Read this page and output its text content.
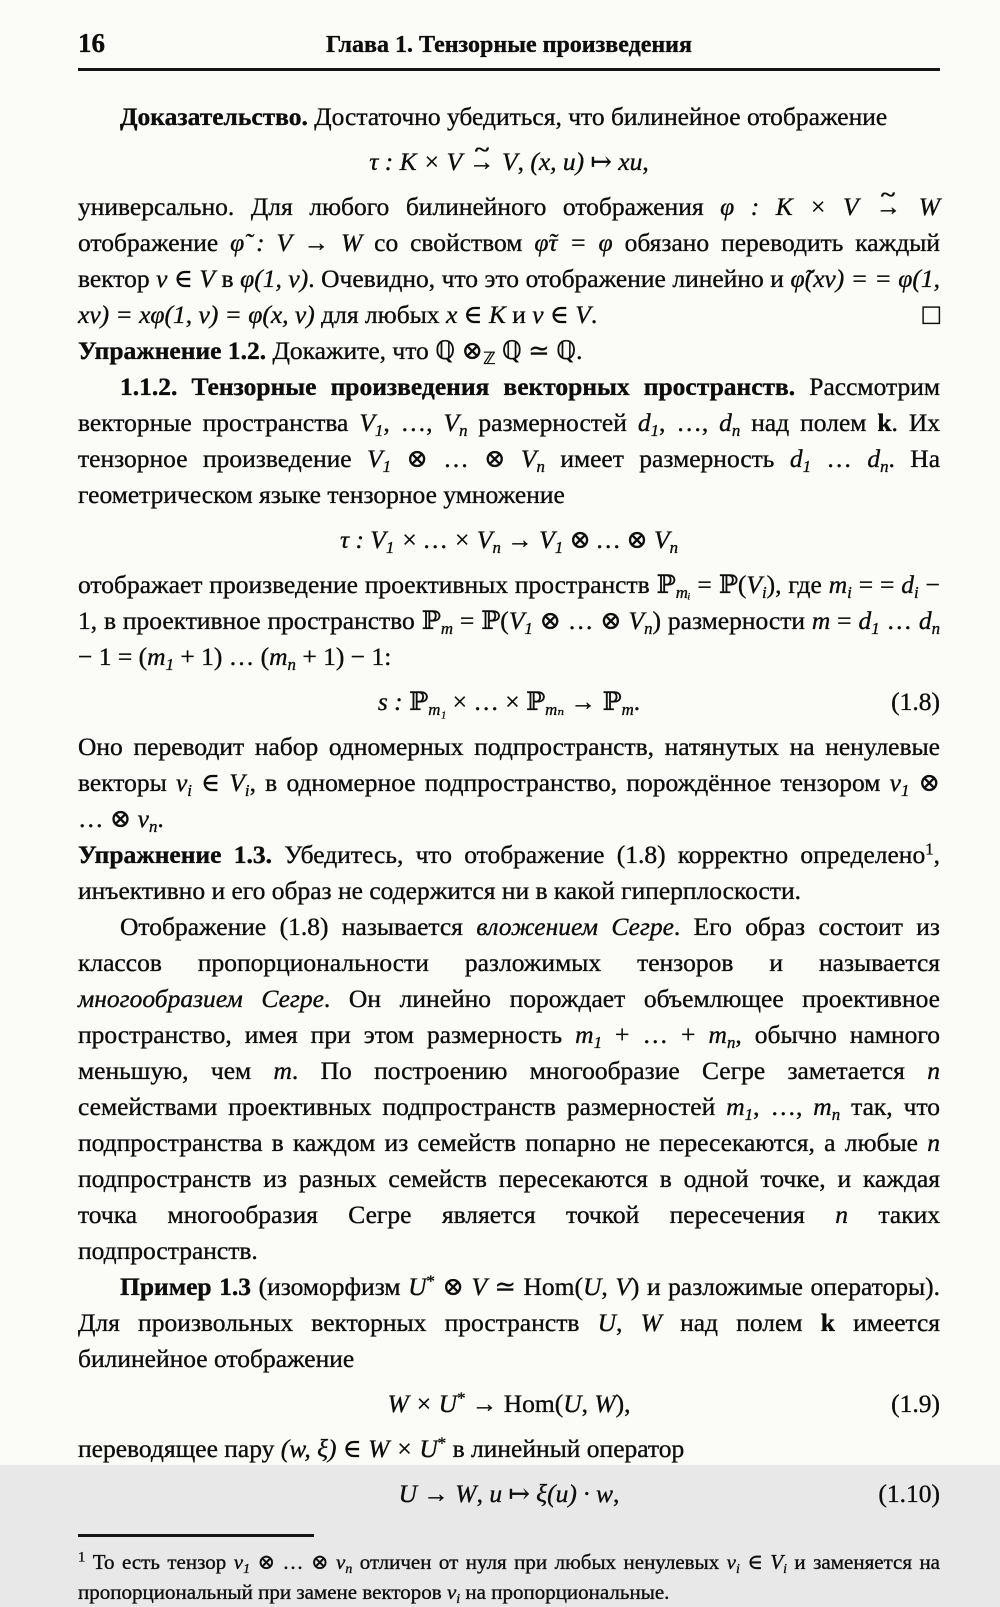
16	Глава 1. Тензорные произведения

Доказательство. Достаточно убедиться, что билинейное отображение

τ : K × V → ~ V, (x, u) ↦ xu,

универсально. Для любого билинейного отображения φ : K × V → ~ W отображение φ̃ : V → W со свойством φ̃τ = φ обязано переводить каждый вектор v ∈ V в φ(1, v). Очевидно, что это отображение линейно и φ̃(xv) = = φ(1, xv) = xφ(1, v) = φ(x, v) для любых x ∈ K и v ∈ V.	□

Упражнение 1.2. Докажите, что ℚ $\otimes_ℤ$ ℚ ≃ ℚ.

1.1.2. Тензорные произведения векторных пространств. Рассмотрим векторные пространства $V_1$, …, $V_n$ размерностей $d_1$, …, $d_n$ над полем k. Их тензорное произведение $V_1$ ⊗ … ⊗ $V_n$ имеет размерность $d_1$ … $d_n$. На геометрическом языке тензорное умножение

τ : $V_1$ × … × $V_n \to V_1$ ⊗ … ⊗ $V_n$

отображает произведение проективных пространств ℙ$_{mᵢ}$ = $ℙ(V_i)$, где $m_i$ = = $d_i - 1$, в проективное пространство ℙ$_m$ = $ℙ(V_1$ ⊗ … ⊗ $V_n$) размерности $m = d_1$ … $d_n - 1 = (m_1 + 1)$ … $(m_n + 1) - 1$:

s : ℙ$_{m_1}$ × … × ℙ$_{m_n}$ → ℙ$_m$.	(1.8)

Оно переводит набор одномерных подпространств, натянутых на ненулевые векторы $v_i$ ∈ $V_i$, в одномерное подпространство, порождённое тензором $v_1$ ⊗ … ⊗ $v_n$.

Упражнение 1.3. Убедитесь, что отображение (1.8) корректно определено$^1$, инъективно и его образ не содержится ни в какой гиперплоскости.

Отображение (1.8) называется вложением Сегре. Его образ состоит из классов пропорциональности разложимых тензоров и называется многообразием Сегре. Он линейно порождает объемлющее проективное пространство, имея при этом размерность $m_1$ + … + $m_n$, обычно намного меньшую, чем m. По построению многообразие Сегре заметается n семействами проективных подпространств размерностей $m_1$, …, $m_n$ так, что подпространства в каждом из семейств попарно не пересекаются, а любые n подпространств из разных семейств пересекаются в одной точке, и каждая точка многообразия Сегре является точкой пересечения n таких подпространств.

Пример 1.3 (изоморфизм U* ⊗ V ≃ Hom(U, V) и разложимые операторы). Для произвольных векторных пространств U, W над полем k имеется билинейное отображение

W × U* → Hom(U, W),	(1.9)

переводящее пару (w, ξ) ∈ W × U* в линейный оператор

U → W, u ↦ ξ(u) · w,	(1.10)

$^1$ То есть тензор $v_1$ ⊗ … ⊗ $v_n$ отличен от нуля при любых ненулевых $v_i$ ∈ $V_i$ и заменяется на пропорциональный при замене векторов $v_i$ на пропорциональные.
